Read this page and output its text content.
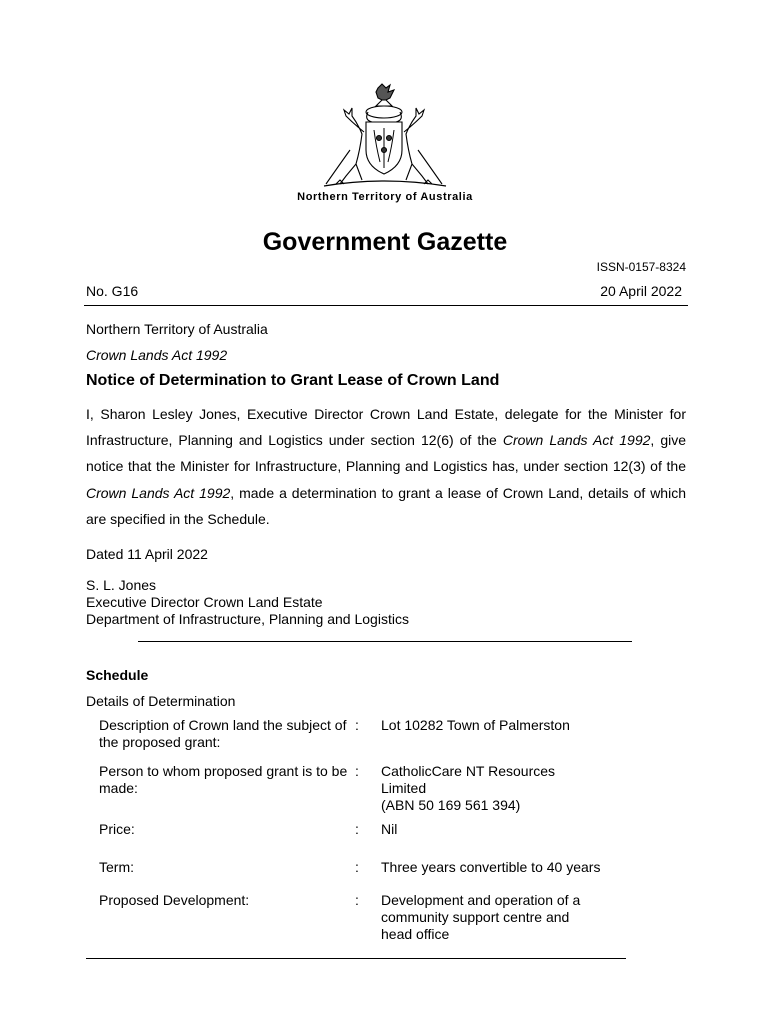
Northern Territory of Australia
Government Gazette
ISSN-0157-8324
No. G16	20 April 2022
Northern Territory of Australia
Crown Lands Act 1992
Notice of Determination to Grant Lease of Crown Land

I, Sharon Lesley Jones, Executive Director Crown Land Estate, delegate for the Minister for Infrastructure, Planning and Logistics under section 12(6) of the Crown Lands Act 1992, give notice that the Minister for Infrastructure, Planning and Logistics has, under section 12(3) of the Crown Lands Act 1992, made a determination to grant a lease of Crown Land, details of which are specified in the Schedule.

Dated 11 April 2022
S. L. Jones
Executive Director Crown Land Estate
Department of Infrastructure, Planning and Logistics
Schedule
Details of Determination
Description of Crown land the subject of the proposed grant:
: Lot 10282 Town of Palmerston
Person to whom proposed grant is to be made:
: CatholicCare NT Resources
Limited
(ABN 50 169 561 394)
Price:	: Nil
Term:	: Three years convertible to 40 years
Proposed Development:	: Development and operation of a
community support centre and
head office
